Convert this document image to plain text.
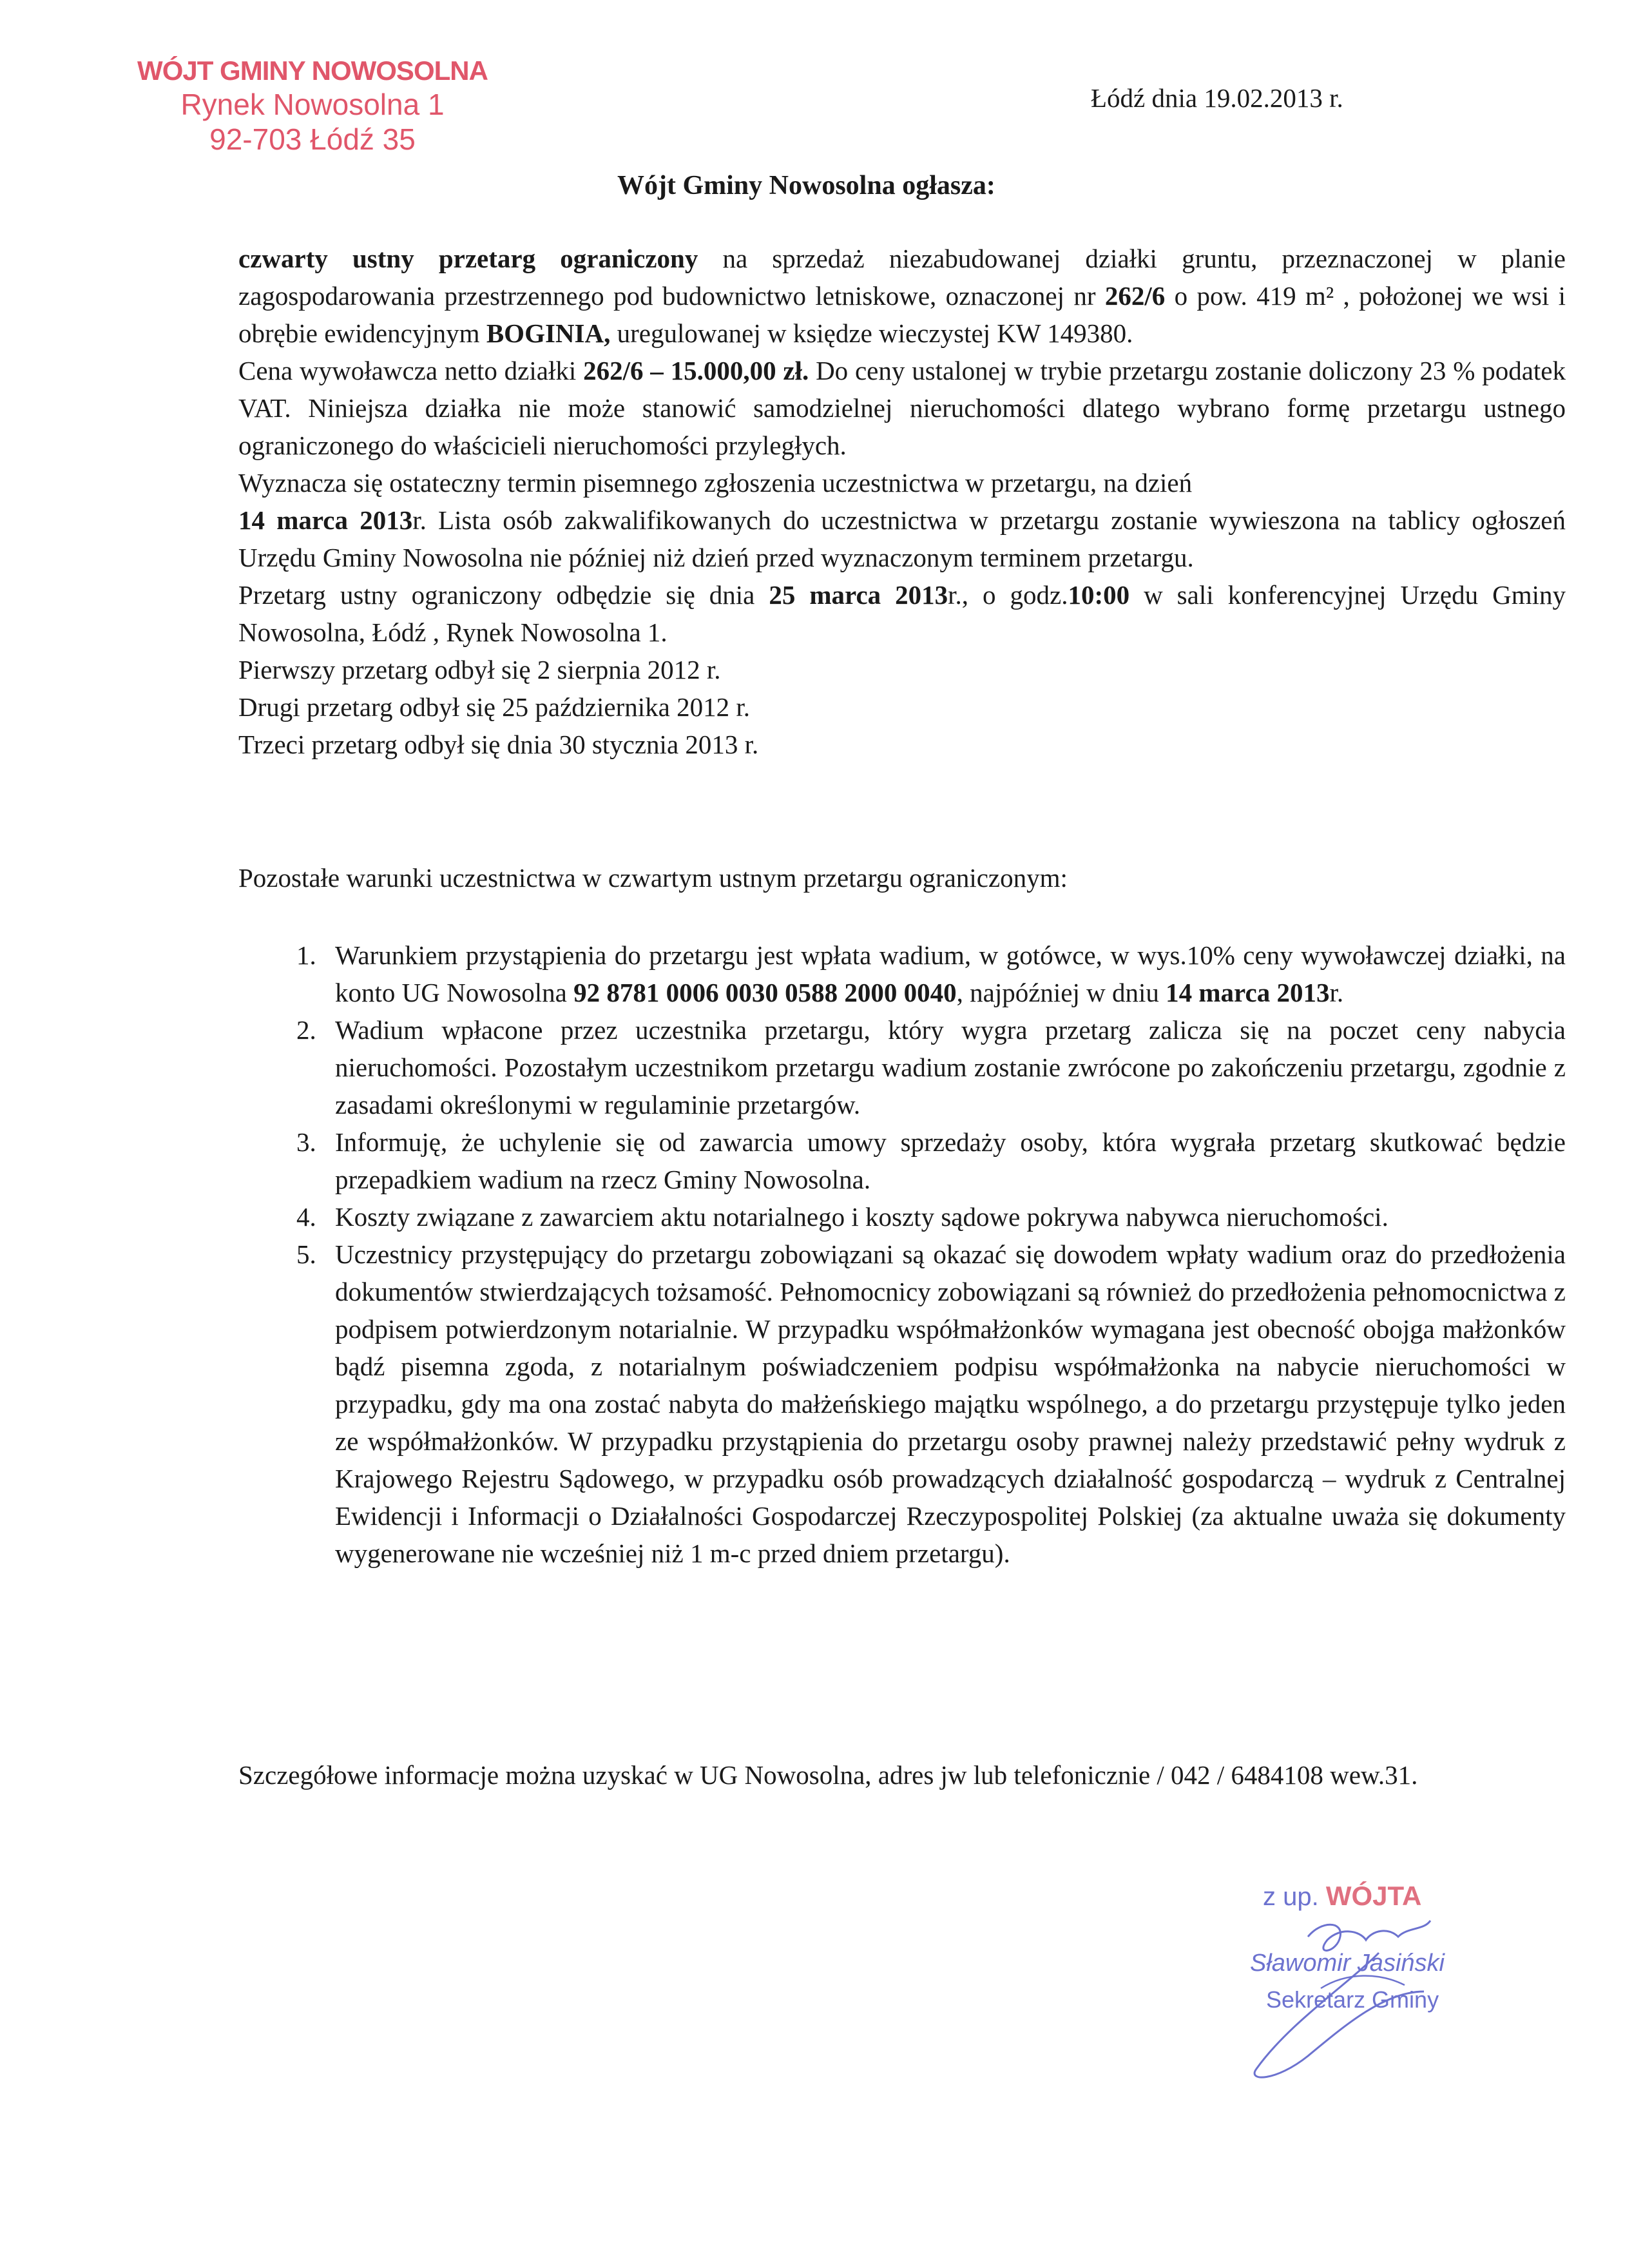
WÓJT GMINY NOWOSOLNA
Rynek Nowosolna 1
92-703 Łódź 35
Łódź dnia 19.02.2013 r.
Wójt Gminy Nowosolna ogłasza:

czwarty ustny przetarg ograniczony na sprzedaż niezabudowanej działki gruntu, przeznaczonej w planie zagospodarowania przestrzennego pod budownictwo letniskowe, oznaczonej nr 262/6 o pow. 419 m² , położonej we wsi i obrębie ewidencyjnym BOGINIA, uregulowanej w księdze wieczystej KW 149380.

Cena wywoławcza netto działki 262/6 – 15.000,00 zł. Do ceny ustalonej w trybie przetargu zostanie doliczony 23 % podatek VAT. Niniejsza działka nie może stanowić samodzielnej nieruchomości dlatego wybrano formę przetargu ustnego ograniczonego do właścicieli nieruchomości przyległych.

Wyznacza się ostateczny termin pisemnego zgłoszenia uczestnictwa w przetargu, na dzień
14 marca 2013r. Lista osób zakwalifikowanych do uczestnictwa w przetargu zostanie wywieszona na tablicy ogłoszeń Urzędu Gminy Nowosolna nie później niż dzień przed wyznaczonym terminem przetargu.

Przetarg ustny ograniczony odbędzie się dnia 25 marca 2013r., o godz.10:00 w sali konferencyjnej Urzędu Gminy Nowosolna, Łódź , Rynek Nowosolna 1.

Pierwszy przetarg odbył się 2 sierpnia 2012 r.

Drugi przetarg odbył się 25 października 2012 r.

Trzeci przetarg odbył się dnia 30 stycznia 2013 r.

Pozostałe warunki uczestnictwa w czwartym ustnym przetargu ograniczonym:
1. Warunkiem przystąpienia do przetargu jest wpłata wadium, w gotówce, w wys.10% ceny wywoławczej działki, na konto UG Nowosolna 92 8781 0006 0030 0588 2000 0040, najpóźniej w dniu 14 marca 2013r.
2. Wadium wpłacone przez uczestnika przetargu, który wygra przetarg zalicza się na poczet ceny nabycia nieruchomości. Pozostałym uczestnikom przetargu wadium zostanie zwrócone po zakończeniu przetargu, zgodnie z zasadami określonymi w regulaminie przetargów.
3. Informuję, że uchylenie się od zawarcia umowy sprzedaży osoby, która wygrała przetarg skutkować będzie przepadkiem wadium na rzecz Gminy Nowosolna.
4. Koszty związane z zawarciem aktu notarialnego i koszty sądowe pokrywa nabywca nieruchomości.
5. Uczestnicy przystępujący do przetargu zobowiązani są okazać się dowodem wpłaty wadium oraz do przedłożenia dokumentów stwierdzających tożsamość. Pełnomocnicy zobowiązani są również do przedłożenia pełnomocnictwa z podpisem potwierdzonym notarialnie. W przypadku współmałżonków wymagana jest obecność obojga małżonków bądź pisemna zgoda, z notarialnym poświadczeniem podpisu współmałżonka na nabycie nieruchomości w przypadku, gdy ma ona zostać nabyta do małżeńskiego majątku wspólnego, a do przetargu przystępuje tylko jeden ze współmałżonków. W przypadku przystąpienia do przetargu osoby prawnej należy przedstawić pełny wydruk z Krajowego Rejestru Sądowego, w przypadku osób prowadzących działalność gospodarczą – wydruk z Centralnej Ewidencji i Informacji o Działalności Gospodarczej Rzeczypospolitej Polskiej (za aktualne uważa się dokumenty wygenerowane nie wcześniej niż 1 m-c przed dniem przetargu).
Szczegółowe informacje można uzyskać w UG Nowosolna, adres jw lub telefonicznie / 042 / 6484108 wew.31.
z up. WÓJTA
Sławomir Jasiński
Sekretarz Gminy
